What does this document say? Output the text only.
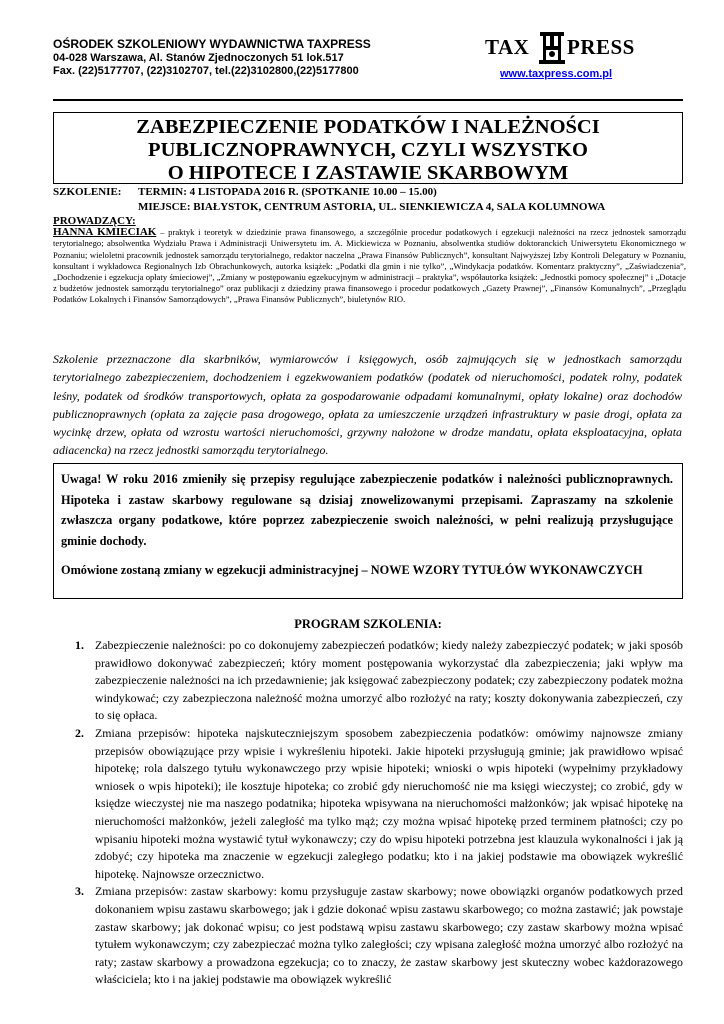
OŚRODEK SZKOLENIOWY WYDAWNICTWA TAXPRESS
04-028 Warszawa, Al. Stanów Zjednoczonych 51 lok.517
Fax. (22)5177707, (22)3102707, tel.(22)3102800,(22)5177800
TAX PRESS
www.taxpress.com.pl
ZABEZPIECZENIE PODATKÓW I NALEŻNOŚCI
PUBLICZNOPRAWNYCH, CZYLI WSZYSTKO
O HIPOTECE I ZASTAWIE SKARBOWYM
SZKOLENIE: TERMIN: 4 LISTOPADA 2016 R. (SPOTKANIE 10.00 – 15.00)
MIEJSCE: BIAŁYSTOK, CENTRUM ASTORIA, UL. SIENKIEWICZA 4, SALA KOLUMNOWA
PROWADZĄCY:
HANNA KMIECIAK – praktyk i teoretyk w dziedzinie prawa finansowego, a szczególnie procedur podatkowych i egzekucji należności na rzecz jednostek samorządu terytorialnego; absolwentka Wydziału Prawa i Administracji Uniwersytetu im. A. Mickiewicza w Poznaniu, absolwentka studiów doktoranckich Uniwersytetu Ekonomicznego w Poznaniu; wieloletni pracownik jednostek samorządu terytorialnego, redaktor naczelna „Prawa Finansów Publicznych”, konsultant Najwyższej Izby Kontroli Delegatury w Poznaniu, konsultant i wykładowca Regionalnych Izb Obrachunkowych, autorka książek: „Podatki dla gmin i nie tylko”, „Windykacja podatków. Komentarz praktyczny”, „Zaświadczenia”, „Dochodzenie i egzekucja opłaty śmieciowej”, „Zmiany w postępowaniu egzekucyjnym w administracji – praktyka”, współautorka książek: „Jednostki pomocy społecznej” i „Dotacje z budżetów jednostek samorządu terytorialnego” oraz publikacji z dziedziny prawa finansowego i procedur podatkowych „Gazety Prawnej”, „Finansów Komunalnych”, „Przeglądu Podatków Lokalnych i Finansów Samorządowych”, „Prawa Finansów Publicznych”, biuletynów RIO.
Szkolenie przeznaczone dla skarbników, wymiarowców i księgowych, osób zajmujących się w jednostkach samorządu terytorialnego zabezpieczeniem, dochodzeniem i egzekwowaniem podatków (podatek od nieruchomości, podatek rolny, podatek leśny, podatek od środków transportowych, opłata za gospodarowanie odpadami komunalnymi, opłaty lokalne) oraz dochodów publicznoprawnych (opłata za zajęcie pasa drogowego, opłata za umieszczenie urządzeń infrastruktury w pasie drogi, opłata za wycinkę drzew, opłata od wzrostu wartości nieruchomości, grzywny nałożone w drodze mandatu, opłata eksploatacyjna, opłata adiacencka) na rzecz jednostki samorządu terytorialnego.

Uwaga! W roku 2016 zmieniły się przepisy regulujące zabezpieczenie podatków i należności publicznoprawnych. Hipoteka i zastaw skarbowy regulowane są dzisiaj znowelizowanymi przepisami. Zapraszamy na szkolenie zwłaszcza organy podatkowe, które poprzez zabezpieczenie swoich należności, w pełni realizują przysługujące gminie dochody.

Omówione zostaną zmiany w egzekucji administracyjnej – NOWE WZORY TYTUŁÓW WYKONAWCZYCH

PROGRAM SZKOLENIA:
1. Zabezpieczenie należności: po co dokonujemy zabezpieczeń podatków; kiedy należy zabezpieczyć podatek; w jaki sposób prawidłowo dokonywać zabezpieczeń; który moment postępowania wykorzystać dla zabezpieczenia; jaki wpływ ma zabezpieczenie należności na ich przedawnienie; jak księgować zabezpieczony podatek; czy zabezpieczony podatek można windykować; czy zabezpieczona należność można umorzyć albo rozłożyć na raty; koszty dokonywania zabezpieczeń, czy to się opłaca.
2. Zmiana przepisów: hipoteka najskuteczniejszym sposobem zabezpieczenia podatków: omówimy najnowsze zmiany przepisów obowiązujące przy wpisie i wykreśleniu hipoteki. Jakie hipoteki przysługują gminie; jak prawidłowo wpisać hipotekę; rola dalszego tytułu wykonawczego przy wpisie hipoteki; wnioski o wpis hipoteki (wypełnimy przykładowy wniosek o wpis hipoteki); ile kosztuje hipoteka; co zrobić gdy nieruchomość nie ma księgi wieczystej; co zrobić, gdy w księdze wieczystej nie ma naszego podatnika; hipoteka wpisywana na nieruchomości małżonków; jak wpisać hipotekę na nieruchomości małżonków, jeżeli zaległość ma tylko mąż; czy można wpisać hipotekę przed terminem płatności; czy po wpisaniu hipoteki można wystawić tytuł wykonawczy; czy do wpisu hipoteki potrzebna jest klauzula wykonalności i jak ją zdobyć; czy hipoteka ma znaczenie w egzekucji zaległego podatku; kto i na jakiej podstawie ma obowiązek wykreślić hipotekę. Najnowsze orzecznictwo.
3. Zmiana przepisów: zastaw skarbowy: komu przysługuje zastaw skarbowy; nowe obowiązki organów podatkowych przed dokonaniem wpisu zastawu skarbowego; jak i gdzie dokonać wpisu zastawu skarbowego; co można zastawić; jak powstaje zastaw skarbowy; jak dokonać wpisu; co jest podstawą wpisu zastawu skarbowego; czy zastaw skarbowy można wpisać tytułem wykonawczym; czy zabezpieczać można tylko zaległości; czy wpisana zaległość można umorzyć albo rozłożyć na raty; zastaw skarbowy a prowadzona egzekucja; co to znaczy, że zastaw skarbowy jest skuteczny wobec każdorazowego właściciela; kto i na jakiej podstawie ma obowiązek wykreślić
